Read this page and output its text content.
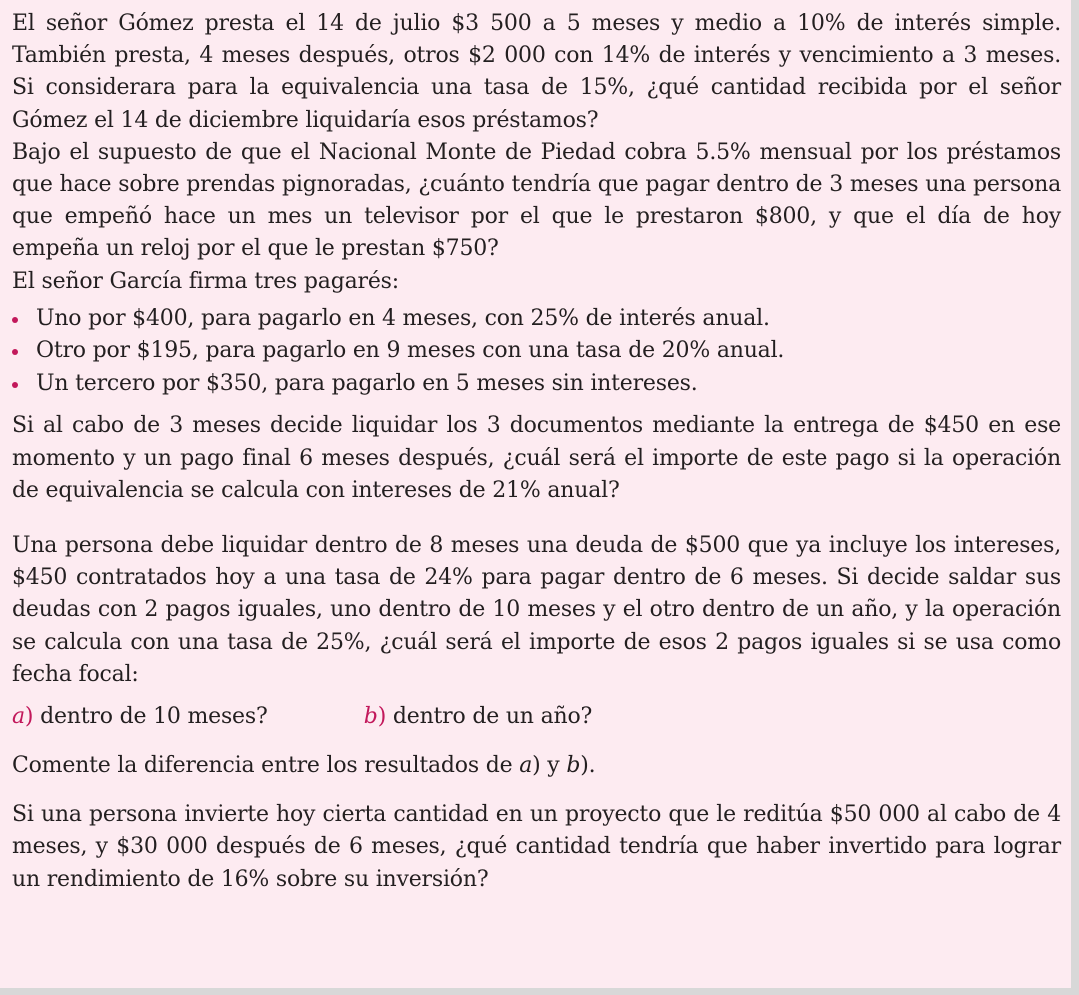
El señor Gómez presta el 14 de julio $3 500 a 5 meses y medio a 10% de interés simple. También presta, 4 meses después, otros $2 000 con 14% de interés y vencimiento a 3 meses. Si considerara para la equivalencia una tasa de 15%, ¿qué cantidad recibida por el señor Gómez el 14 de diciembre liquidaría esos préstamos?

Bajo el supuesto de que el Nacional Monte de Piedad cobra 5.5% mensual por los préstamos que hace sobre prendas pignoradas, ¿cuánto tendría que pagar dentro de 3 meses una persona que empeñó hace un mes un televisor por el que le prestaron $800, y que el día de hoy empeña un reloj por el que le prestan $750?

El señor García firma tres pagarés:

Uno por $400, para pagarlo en 4 meses, con 25% de interés anual.
Otro por $195, para pagarlo en 9 meses con una tasa de 20% anual.
Un tercero por $350, para pagarlo en 5 meses sin intereses.

Si al cabo de 3 meses decide liquidar los 3 documentos mediante la entrega de $450 en ese momento y un pago final 6 meses después, ¿cuál será el importe de este pago si la operación de equivalencia se calcula con intereses de 21% anual?

Una persona debe liquidar dentro de 8 meses una deuda de $500 que ya incluye los intereses, $450 contratados hoy a una tasa de 24% para pagar dentro de 6 meses. Si decide saldar sus deudas con 2 pagos iguales, uno dentro de 10 meses y el otro dentro de un año, y la operación se calcula con una tasa de 25%, ¿cuál será el importe de esos 2 pagos iguales si se usa como fecha focal:

a) dentro de 10 meses?	b) dentro de un año?

Comente la diferencia entre los resultados de a) y b).

Si una persona invierte hoy cierta cantidad en un proyecto que le reditúa $50 000 al cabo de 4 meses, y $30 000 después de 6 meses, ¿qué cantidad tendría que haber invertido para lograr un rendimiento de 16% sobre su inversión?
